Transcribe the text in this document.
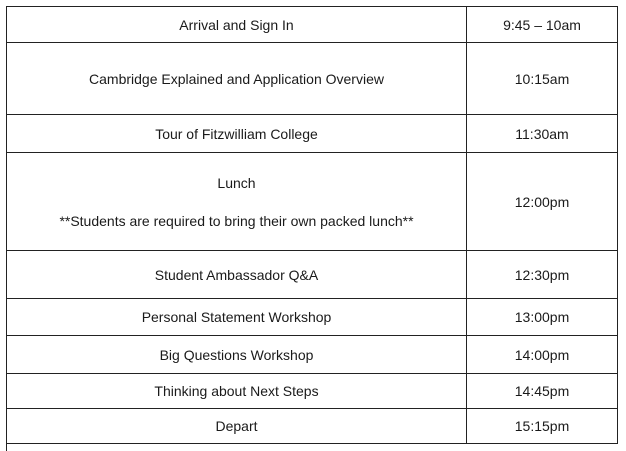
Arrival and Sign In	9:45 – 10am
Cambridge Explained and Application Overview	10:15am
Tour of Fitzwilliam College	11:30am
Lunch
**Students are required to bring their own packed lunch**	12:00pm
Student Ambassador Q&A	12:30pm
Personal Statement Workshop	13:00pm
Big Questions Workshop	14:00pm
Thinking about Next Steps	14:45pm
Depart	15:15pm
